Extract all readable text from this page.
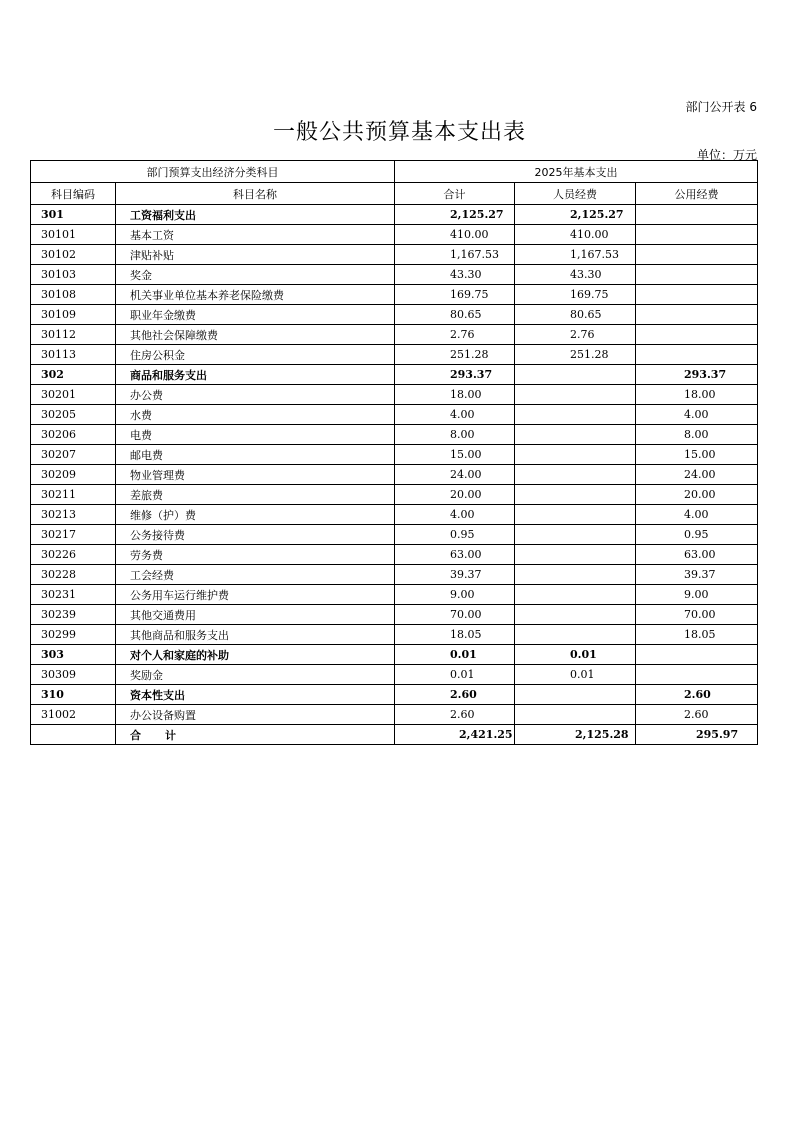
部门公开表 6
一般公共预算基本支出表
单位：万元
部门预算支出经济分类科目		2025年基本支出		
科目编码	科目名称	合计	人员经费	公用经费
301	工资福利支出	2,125.27	2,125.27	
30101	基本工资	410.00	410.00	
30102	津贴补贴	1,167.53	1,167.53	
30103	奖金	43.30	43.30	
30108	机关事业单位基本养老保险缴费	169.75	169.75	
30109	职业年金缴费	80.65	80.65	
30112	其他社会保障缴费	2.76	2.76	
30113	住房公积金	251.28	251.28	
302	商品和服务支出	293.37		293.37
30201	办公费	18.00		18.00
30205	水费	4.00		4.00
30206	电费	8.00		8.00
30207	邮电费	15.00		15.00
30209	物业管理费	24.00		24.00
30211	差旅费	20.00		20.00
30213	维修（护）费	4.00		4.00
30217	公务接待费	0.95		0.95
30226	劳务费	63.00		63.00
30228	工会经费	39.37		39.37
30231	公务用车运行维护费	9.00		9.00
30239	其他交通费用	70.00		70.00
30299	其他商品和服务支出	18.05		18.05
303	对个人和家庭的补助	0.01	0.01	
30309	奖励金	0.01	0.01	
310	资本性支出	2.60		2.60
31002	办公设备购置	2.60		2.60
	合计	2,421.25	2,125.28	295.97
